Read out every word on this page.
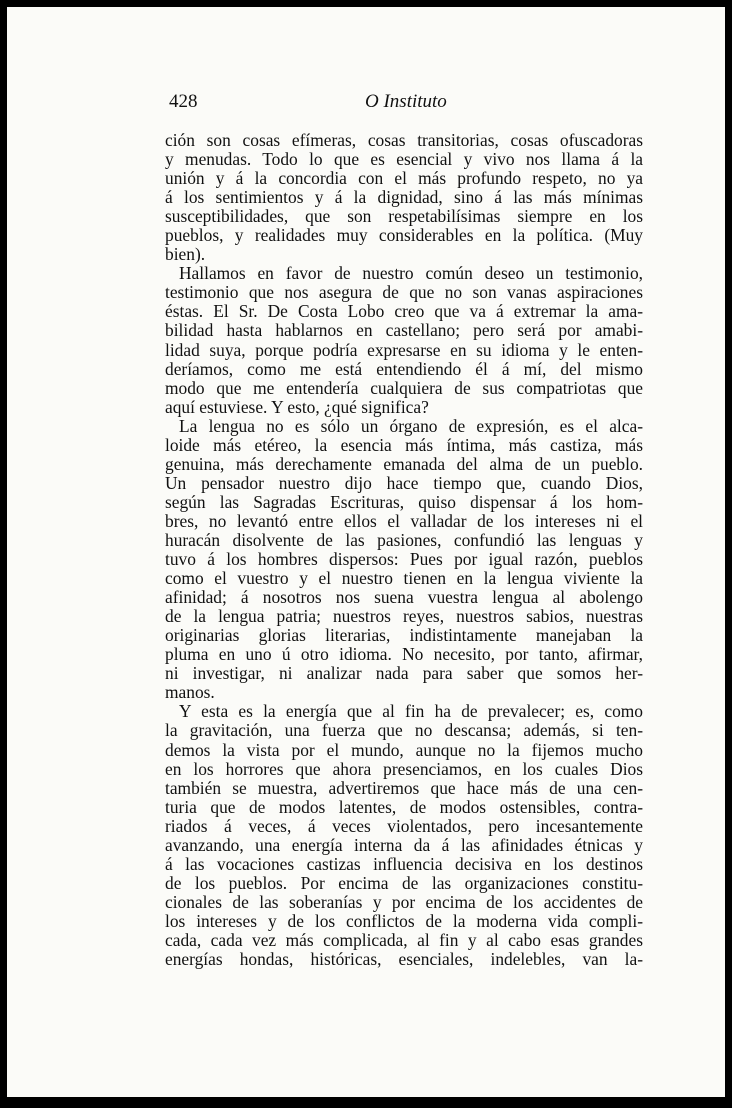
428	O Instituto
ción son cosas efímeras, cosas transitorias, cosas ofuscadoras
y menudas. Todo lo que es esencial y vivo nos llama á la
unión y á la concordia con el más profundo respeto, no ya
á los sentimientos y á la dignidad, sino á las más mínimas
susceptibilidades, que son respetabilísimas siempre en los
pueblos, y realidades muy considerables en la política. (Muy
bien).
Hallamos en favor de nuestro común deseo un testimonio,
testimonio que nos asegura de que no son vanas aspiraciones
éstas. El Sr. De Costa Lobo creo que va á extremar la ama-
bilidad hasta hablarnos en castellano; pero será por amabi-
lidad suya, porque podría expresarse en su idioma y le enten-
deríamos, como me está entendiendo él á mí, del mismo
modo que me entendería cualquiera de sus compatriotas que
aquí estuviese. Y esto, ¿qué significa?
La lengua no es sólo un órgano de expresión, es el alca-
loide más etéreo, la esencia más íntima, más castiza, más
genuina, más derechamente emanada del alma de un pueblo.
Un pensador nuestro dijo hace tiempo que, cuando Dios,
según las Sagradas Escrituras, quiso dispensar á los hom-
bres, no levantó entre ellos el valladar de los intereses ni el
huracán disolvente de las pasiones, confundió las lenguas y
tuvo á los hombres dispersos: Pues por igual razón, pueblos
como el vuestro y el nuestro tienen en la lengua viviente la
afinidad; á nosotros nos suena vuestra lengua al abolengo
de la lengua patria; nuestros reyes, nuestros sabios, nuestras
originarias glorias literarias, indistintamente manejaban la
pluma en uno ú otro idioma. No necesito, por tanto, afirmar,
ni investigar, ni analizar nada para saber que somos her-
manos.
Y esta es la energía que al fin ha de prevalecer; es, como
la gravitación, una fuerza que no descansa; además, si ten-
demos la vista por el mundo, aunque no la fijemos mucho
en los horrores que ahora presenciamos, en los cuales Dios
también se muestra, advertiremos que hace más de una cen-
turia que de modos latentes, de modos ostensibles, contra-
riados á veces, á veces violentados, pero incesantemente
avanzando, una energía interna da á las afinidades étnicas y
á las vocaciones castizas influencia decisiva en los destinos
de los pueblos. Por encima de las organizaciones constitu-
cionales de las soberanías y por encima de los accidentes de
los intereses y de los conflictos de la moderna vida compli-
cada, cada vez más complicada, al fin y al cabo esas grandes
energías hondas, históricas, esenciales, indelebles, van la-
